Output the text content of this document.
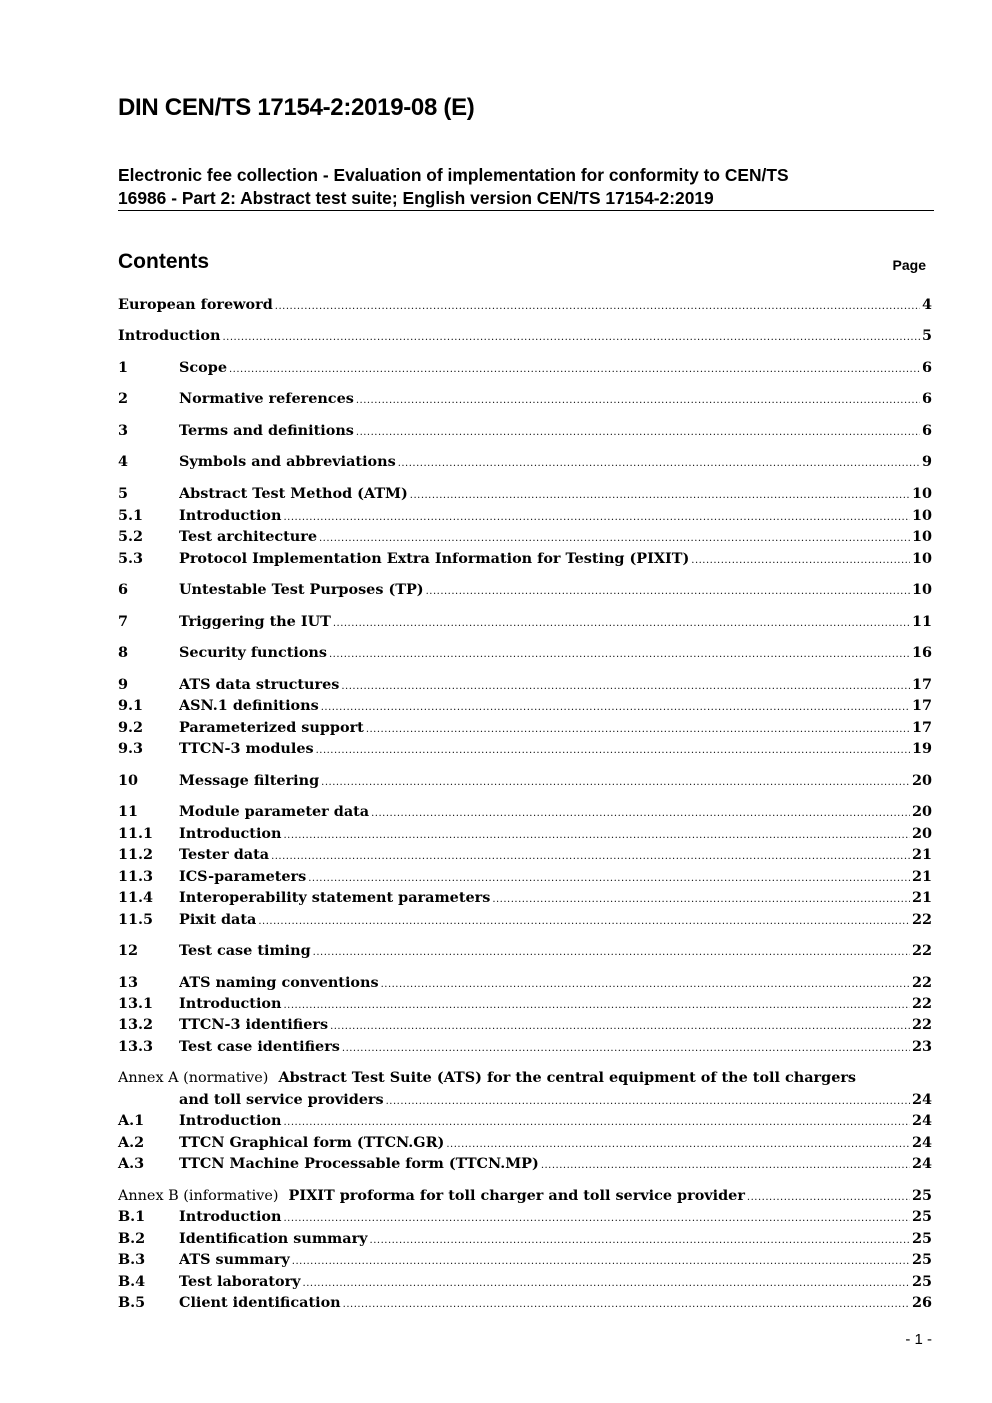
DIN CEN/TS 17154-2:2019-08 (E)
Electronic fee collection - Evaluation of implementation for conformity to CEN/TS
16986 - Part 2: Abstract test suite; English version CEN/TS 17154-2:2019
Contents	Page
European foreword .....	4
Introduction .....	5
1	Scope .....	6
2	Normative references .....	6
3	Terms and definitions .....	6
4	Symbols and abbreviations .....	9
5	Abstract Test Method (ATM) .....	10
5.1 Introduction .....	10
5.2 Test architecture .....	10
5.3 Protocol Implementation Extra Information for Testing (PIXIT) .....	10
6	Untestable Test Purposes (TP) .....	10
7	Triggering the IUT .....	11
8	Security functions .....	16
9	ATS data structures .....	17
9.1 ASN.1 definitions .....	17
9.2 Parameterized support .....	17
9.3 TTCN-3 modules .....	19
10	Message filtering .....	20
11	Module parameter data .....	20
11.1 Introduction .....	20
11.2 Tester data .....	21
11.3 ICS-parameters .....	21
11.4 Interoperability statement parameters .....	21
11.5 Pixit data .....	22
12	Test case timing .....	22
13	ATS naming conventions .....	22
13.1 Introduction .....	22
13.2 TTCN-3 identifiers .....	22
13.3 Test case identifiers .....	23
Annex A (normative) Abstract Test Suite (ATS) for the central equipment of the toll chargers
and toll service providers .....	24
A.1 Introduction .....	24
A.2 TTCN Graphical form (TTCN.GR) .....	24
A.3 TTCN Machine Processable form (TTCN.MP) .....	24
Annex B (informative) PIXIT proforma for toll charger and toll service provider .....	25
B.1 Introduction .....	25
B.2 Identification summary .....	25
B.3 ATS summary .....	25
B.4 Test laboratory .....	25
B.5 Client identification .....	26
- 1 -
